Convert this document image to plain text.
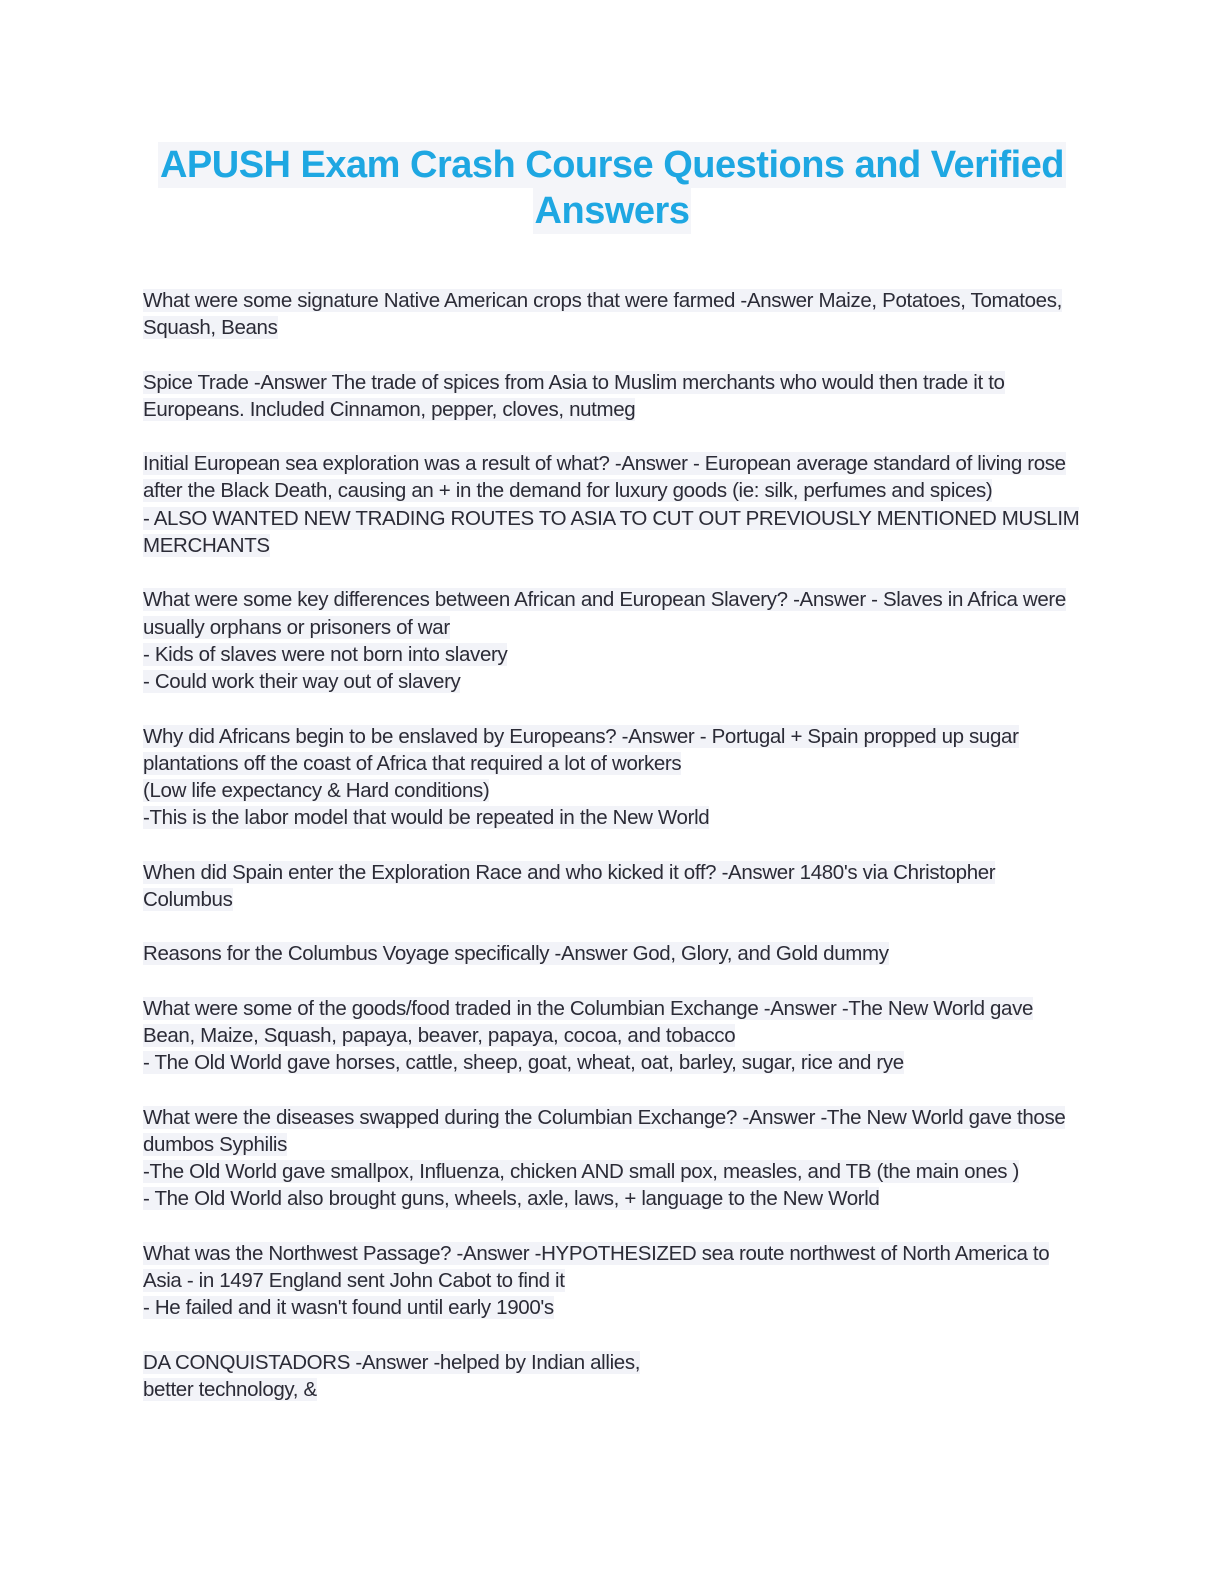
APUSH Exam Crash Course Questions and Verified
Answers
What were some signature Native American crops that were farmed -Answer Maize, Potatoes, Tomatoes,
Squash, Beans
Spice Trade -Answer The trade of spices from Asia to Muslim merchants who would then trade it to
Europeans. Included Cinnamon, pepper, cloves, nutmeg
Initial European sea exploration was a result of what? -Answer - European average standard of living rose
after the Black Death, causing an + in the demand for luxury goods (ie: silk, perfumes and spices)
- ALSO WANTED NEW TRADING ROUTES TO ASIA TO CUT OUT PREVIOUSLY MENTIONED MUSLIM
MERCHANTS
What were some key differences between African and European Slavery? -Answer - Slaves in Africa were
usually orphans or prisoners of war
- Kids of slaves were not born into slavery
- Could work their way out of slavery
Why did Africans begin to be enslaved by Europeans? -Answer - Portugal + Spain propped up sugar
plantations off the coast of Africa that required a lot of workers
(Low life expectancy & Hard conditions)
-This is the labor model that would be repeated in the New World
When did Spain enter the Exploration Race and who kicked it off? -Answer 1480's via Christopher
Columbus
Reasons for the Columbus Voyage specifically -Answer God, Glory, and Gold dummy
What were some of the goods/food traded in the Columbian Exchange -Answer -The New World gave
Bean, Maize, Squash, papaya, beaver, papaya, cocoa, and tobacco
- The Old World gave horses, cattle, sheep, goat, wheat, oat, barley, sugar, rice and rye
What were the diseases swapped during the Columbian Exchange? -Answer -The New World gave those
dumbos Syphilis
-The Old World gave smallpox, Influenza, chicken AND small pox, measles, and TB (the main ones )
- The Old World also brought guns, wheels, axle, laws, + language to the New World
What was the Northwest Passage? -Answer -HYPOTHESIZED sea route northwest of North America to
Asia - in 1497 England sent John Cabot to find it
- He failed and it wasn't found until early 1900's
DA CONQUISTADORS -Answer -helped by Indian allies,
better technology, &
